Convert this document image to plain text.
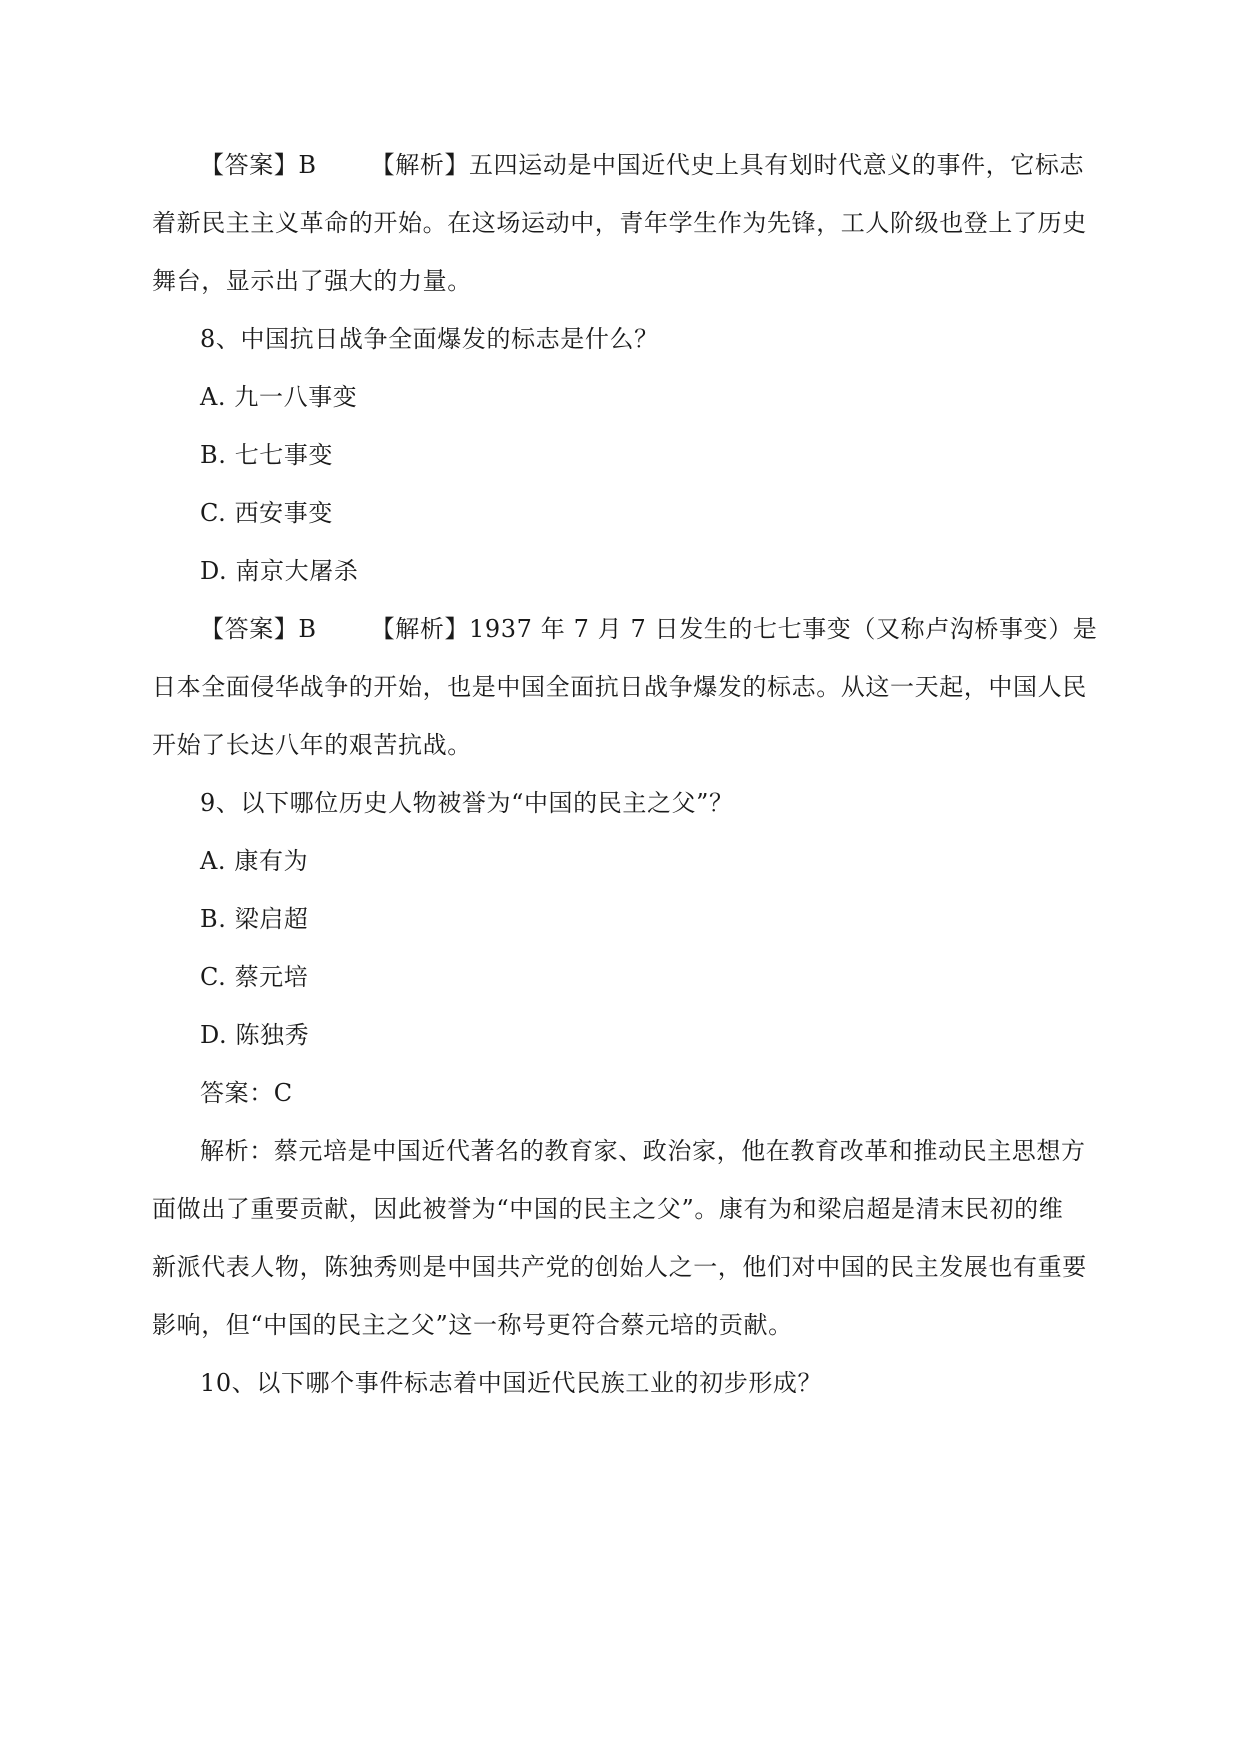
【答案】B 【解析】五四运动是中国近代史上具有划时代意义的事件，它标志
着新民主主义革命的开始。在这场运动中，青年学生作为先锋，工人阶级也登上了历史
舞台，显示出了强大的力量。
8、中国抗日战争全面爆发的标志是什么？
A. 九一八事变
B. 七七事变
C. 西安事变
D. 南京大屠杀
【答案】B 【解析】1937 年 7 月 7 日发生的七七事变（又称卢沟桥事变）是
日本全面侵华战争的开始，也是中国全面抗日战争爆发的标志。从这一天起，中国人民
开始了长达八年的艰苦抗战。
9、以下哪位历史人物被誉为“中国的民主之父”？
A. 康有为
B. 梁启超
C. 蔡元培
D. 陈独秀
答案：C
解析：蔡元培是中国近代著名的教育家、政治家，他在教育改革和推动民主思想方
面做出了重要贡献，因此被誉为“中国的民主之父”。康有为和梁启超是清末民初的维
新派代表人物，陈独秀则是中国共产党的创始人之一，他们对中国的民主发展也有重要
影响，但“中国的民主之父”这一称号更符合蔡元培的贡献。
10、以下哪个事件标志着中国近代民族工业的初步形成？
